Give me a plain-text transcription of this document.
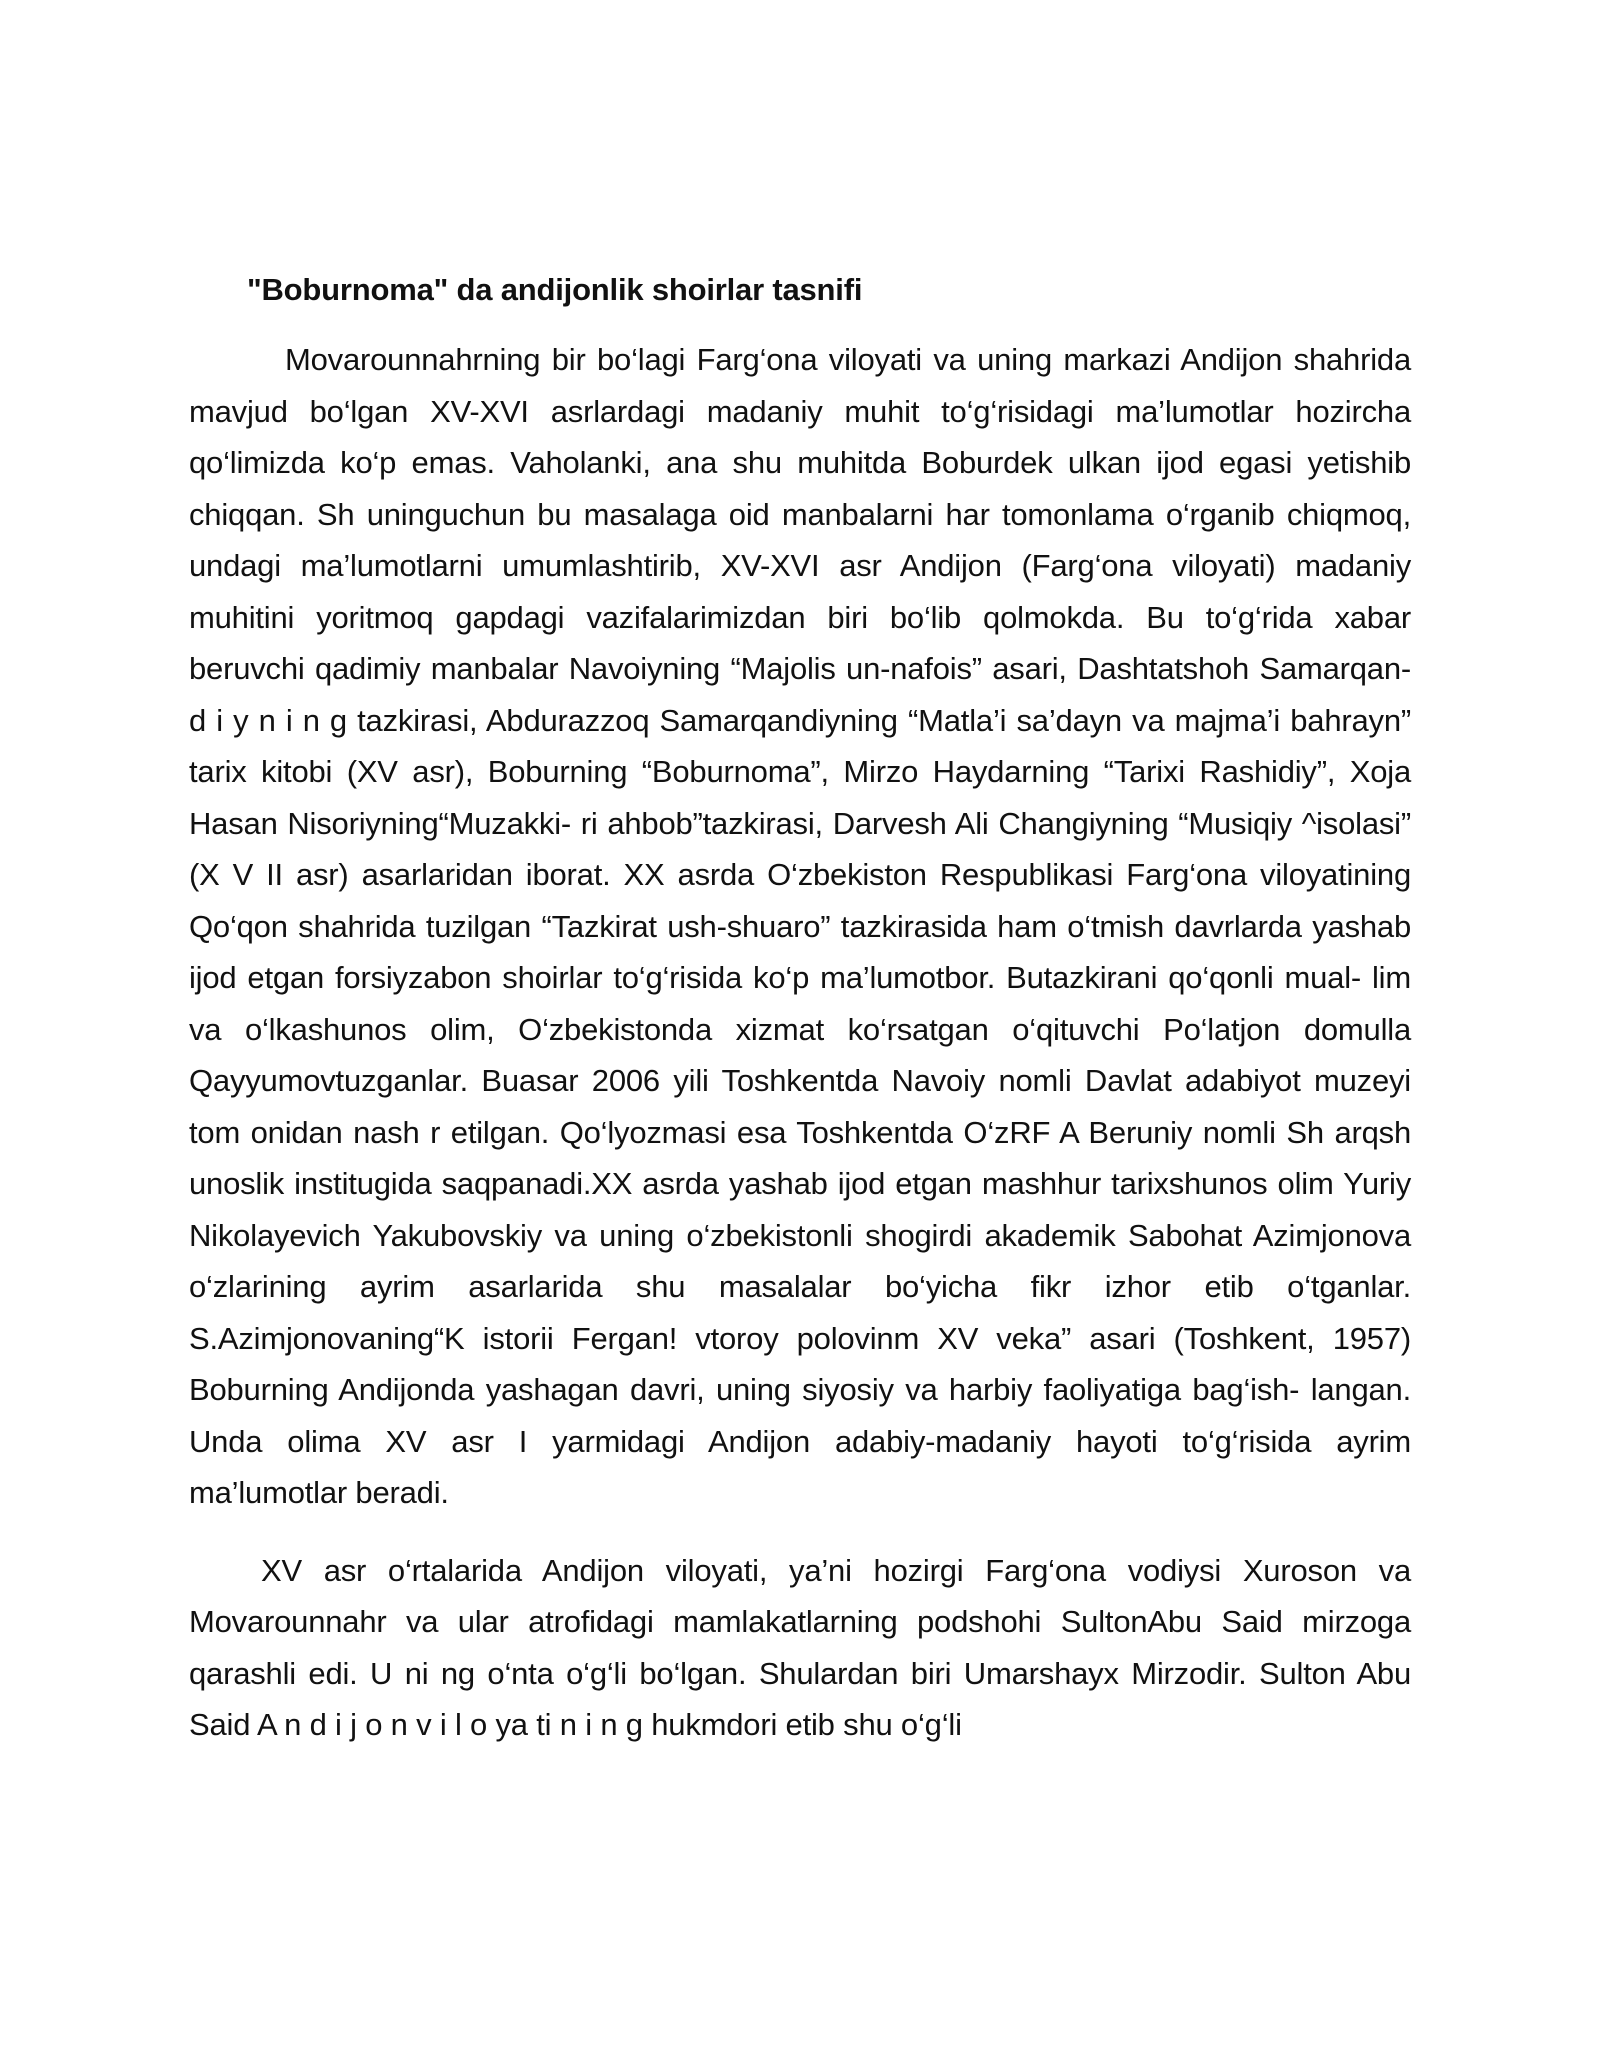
"Boburnoma" da andijonlik shoirlar tasnifi

Movarounnahrning bir bo‘lagi Farg‘ona viloyati va uning markazi Andijon shahrida mavjud bo‘lgan XV-XVI asrlardagi madaniy muhit to‘g‘risidagi ma’lumotlar hozircha qo‘limizda ko‘p emas. Vaholanki, ana shu muhitda Boburdek ulkan ijod egasi yetishib chiqqan. Sh uninguchun bu masalaga oid manbalarni har tomonlama o‘rganib chiqmoq, undagi ma’lumotlarni umumlashtirib, XV-XVI asr Andijon (Farg‘ona viloyati) madaniy muhitini yoritmoq gapdagi vazifalarimizdan biri bo‘lib qolmokda. Bu to‘g‘rida xabar beruvchi qadimiy manbalar Navoiyning “Majolis un-nafois” asari, Dashtatshoh Samarqan- d i y n i n g tazkirasi, Abdurazzoq Samarqandiyning “Matla’i sa’dayn va majma’i bahrayn” tarix kitobi (XV asr), Boburning “Boburnoma”, Mirzo Haydarning “Tarixi Rashidiy”, Xoja Hasan Nisoriyning“Muzakki- ri ahbob”tazkirasi, Darvesh Ali Changiyning “Musiqiy ^isolasi” (X V II asr) asarlaridan iborat. XX asrda O‘zbekiston Respublikasi Farg‘ona viloyatining Qo‘qon shahrida tuzilgan “Tazkirat ush-shuaro” tazkirasida ham o‘tmish davrlarda yashab ijod etgan forsiyzabon shoirlar to‘g‘risida ko‘p ma’lumotbor. Butazkirani qo‘qonli mual- lim va o‘lkashunos olim, O‘zbekistonda xizmat ko‘rsatgan o‘qituvchi Po‘latjon domulla Qayyumovtuzganlar. Buasar 2006 yili Toshkentda Navoiy nomli Davlat adabiyot muzeyi tom onidan nash r etilgan. Qo‘lyozmasi esa Toshkentda O‘zRF A Beruniy nomli Sh arqsh unoslik institugida saqpanadi.XX asrda yashab ijod etgan mashhur tarixshunos olim Yuriy Nikolayevich Yakubovskiy va uning o‘zbekistonli shogirdi akademik Sabohat Azimjonova o‘zlarining ayrim asarlarida shu masalalar bo‘yicha fikr izhor etib o‘tganlar. S.Azimjonovaning“K istorii Fergan! vtoroy polovinm XV veka” asari (Toshkent, 1957) Boburning Andijonda yashagan davri, uning siyosiy va harbiy faoliyatiga bag‘ish- langan. Unda olima XV asr I yarmidagi Andijon adabiy-madaniy hayoti to‘g‘risida ayrim ma’lumotlar beradi.

XV asr o‘rtalarida Andijon viloyati, ya’ni hozirgi Farg‘ona vodiysi Xuroson va Movarounnahr va ular atrofidagi mamlakatlarning podshohi SultonAbu Said mirzoga qarashli edi. U ni ng o‘nta o‘g‘li bo‘lgan. Shulardan biri Umarshayx Mirzodir. Sulton Abu Said A n d i j o n v i l o ya ti n i n g hukmdori etib shu o‘g‘li
